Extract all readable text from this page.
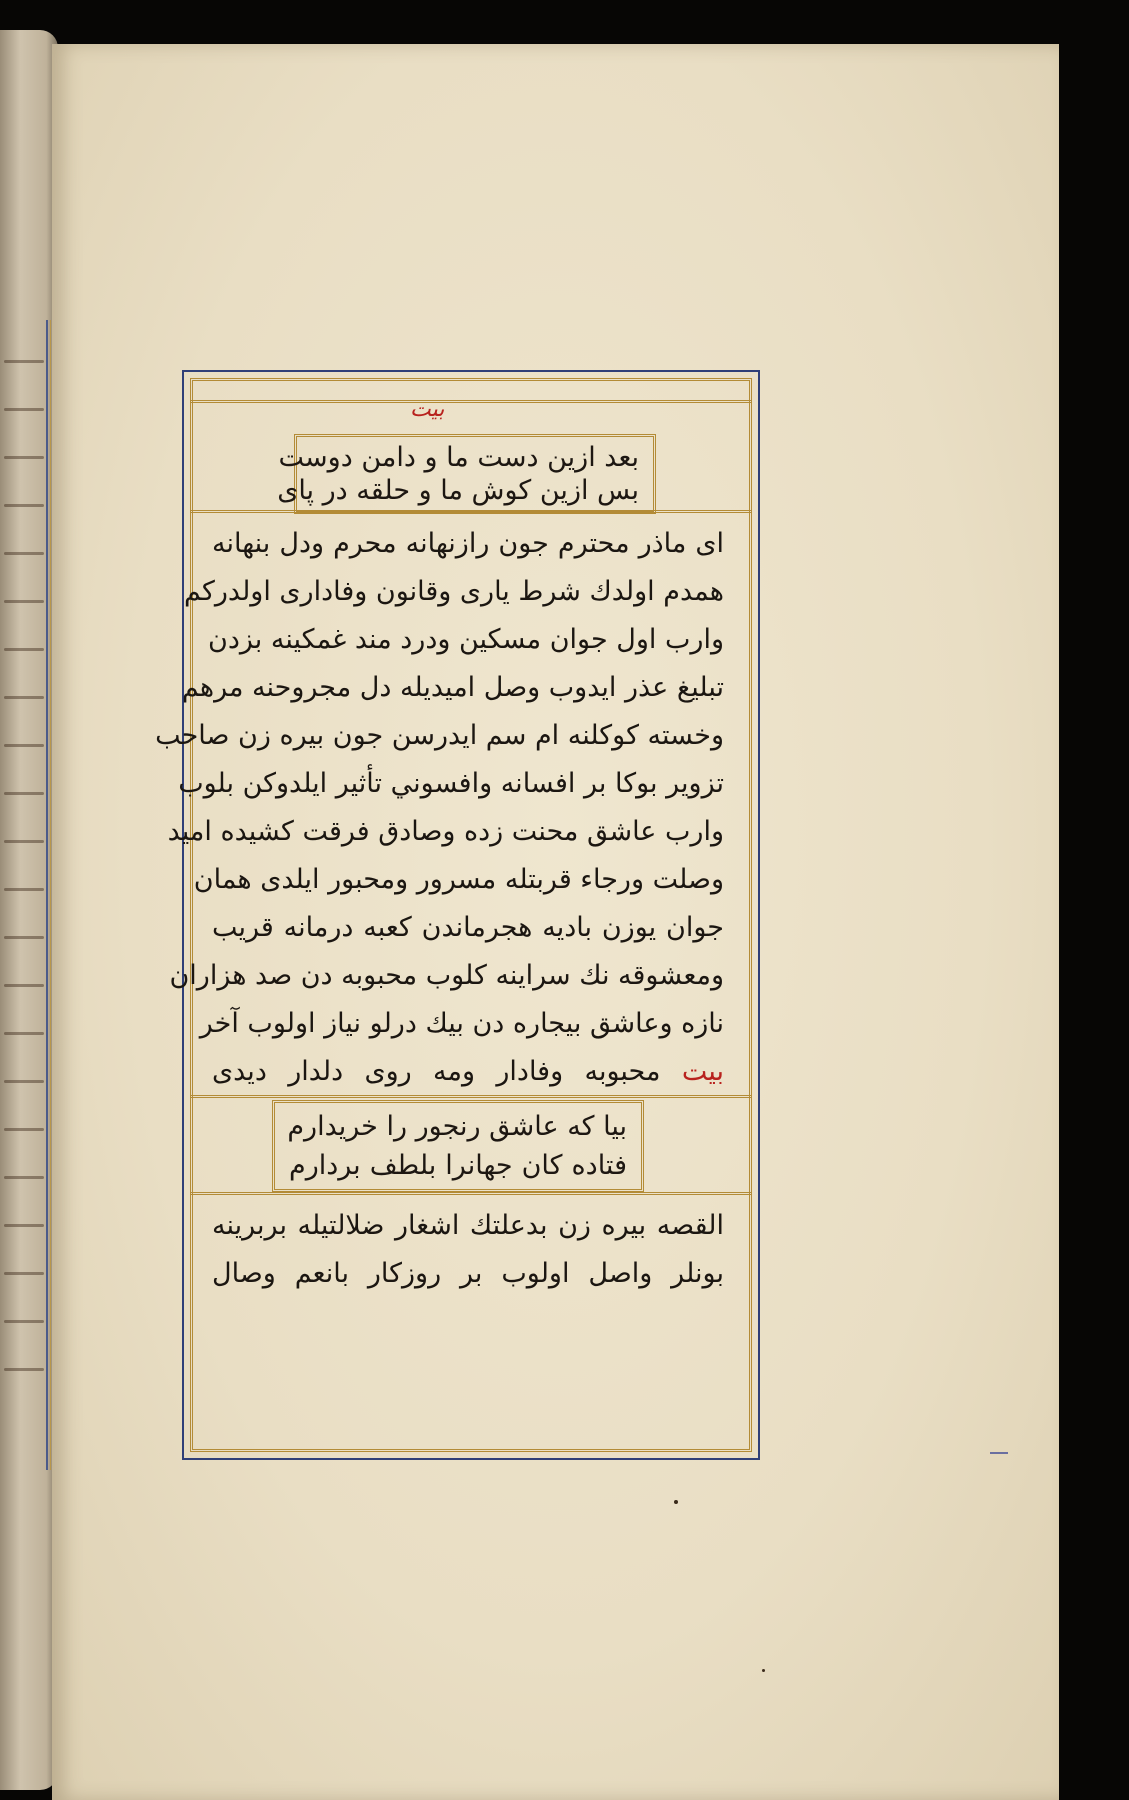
بيت
بعد ازين دست ما و دامن دوست
بس ازين كوش ما و حلقه در پاى
اى ماذر محترم جون رازنهانه محرم ودل بنهانه
همدم اولدك شرط يارى وقانون وفادارى اولدركم
وارب اول جوان مسكين ودرد مند غمكينه بزدن
تبليغ عذر ايدوب وصل اميديله دل مجروحنه مرهم
وخسته كوكلنه ام سم ايدرسن جون بيره زن صاحب
تزوير بوكا بر افسانه وافسوني تأثير ايلدوكن بلوب
وارب عاشق محنت زده وصادق فرقت كشيده اميد
وصلت ورجاء قربتله مسرور ومحبور ايلدى همان
جوان يوزن باديه هجرماندن كعبه درمانه قريب
ومعشوقه نك سراينه كلوب محبوبه دن صد هزاران
نازه وعاشق بيجاره دن بيك درلو نياز اولوب آخر
بيت محبوبه وفادار ومه روى دلدار ديدى
بيا كه عاشق رنجور را خريدارم
فتاده كان جهانرا بلطف بردارم
القصه بيره زن بدعلتك اشغار ضلالتيله بربرينه
بونلر واصل اولوب بر روزكار بانعم وصال
